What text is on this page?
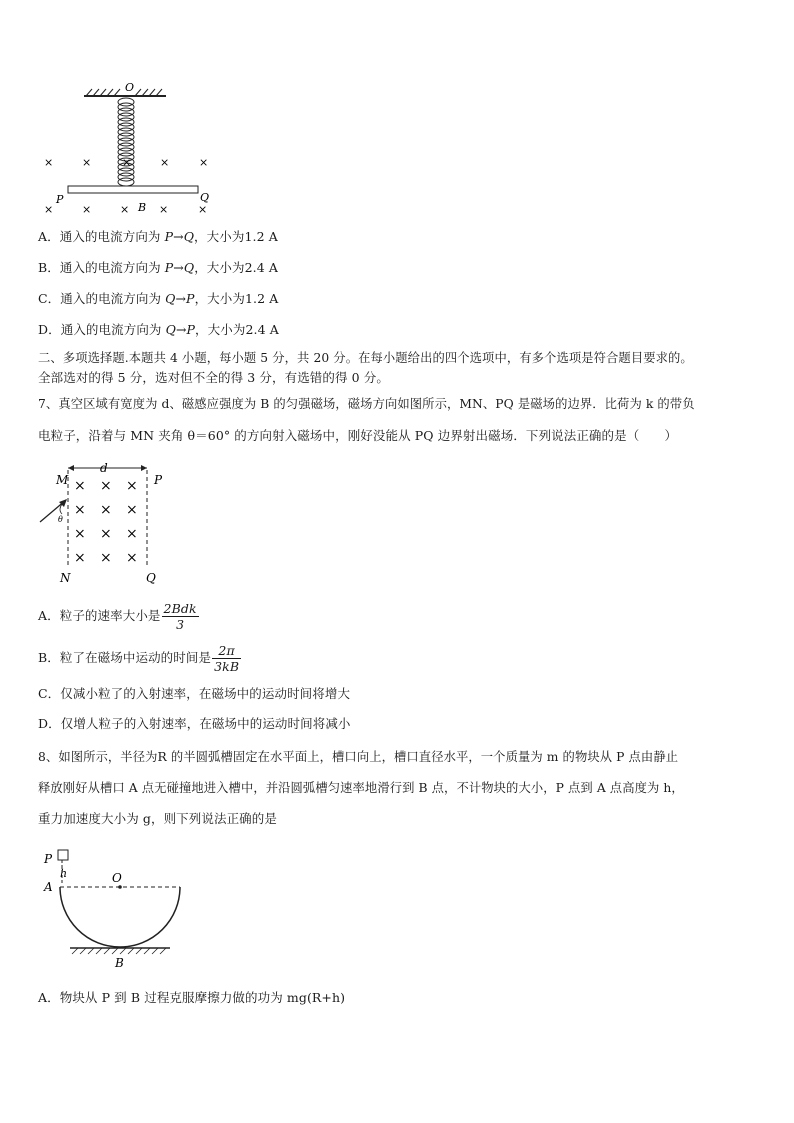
O
×	×	×	×	×
×	×	×	×	×
P
B
Q
A．通入的电流方向为 P→Q，大小为1.2 A
B．通入的电流方向为 P→Q，大小为2.4 A
C．通入的电流方向为 Q→P，大小为1.2 A
D．通入的电流方向为 Q→P，大小为2.4 A
二、多项选择题.本题共 4 小题，每小题 5 分，共 20 分。在每小题给出的四个选项中，有多个选项是符合题目要求的。
全部选对的得 5 分，选对但不全的得 3 分，有选错的得 0 分。
7、真空区域有宽度为 d、磁感应强度为 B 的匀强磁场，磁场方向如图所示，MN、PQ 是磁场的边界．比荷为 k 的带负
电粒子，沿着与 MN 夹角 θ＝60° 的方向射入磁场中，刚好没能从 PQ 边界射出磁场．下列说法正确的是（　　）
d
M	P
N	Q
θ
× × ×
× × ×
× × ×
× × ×
A．粒子的速率大小是 $\frac{\text{2Bdk}}{3}$
B．粒了在磁场中运动的时间是 $\frac{2\pi}{3kB}$
C．仅减小粒了的入射速率，在磁场中的运动时间将增大
D．仅增人粒子的入射速率，在磁场中的运动时间将减小
8、如图所示，半径为R 的半圆弧槽固定在水平面上，槽口向上，槽口直径水平，一个质量为 m 的物块从 P 点由静止
释放刚好从槽口 A 点无碰撞地进入槽中，并沿圆弧槽匀速率地滑行到 B 点，不计物块的大小，P 点到 A 点高度为 h，
重力加速度大小为 g，则下列说法正确的是
P
h
A
O
B
A．物块从 P 到 B 过程克服摩擦力做的功为 mg(R+h)
